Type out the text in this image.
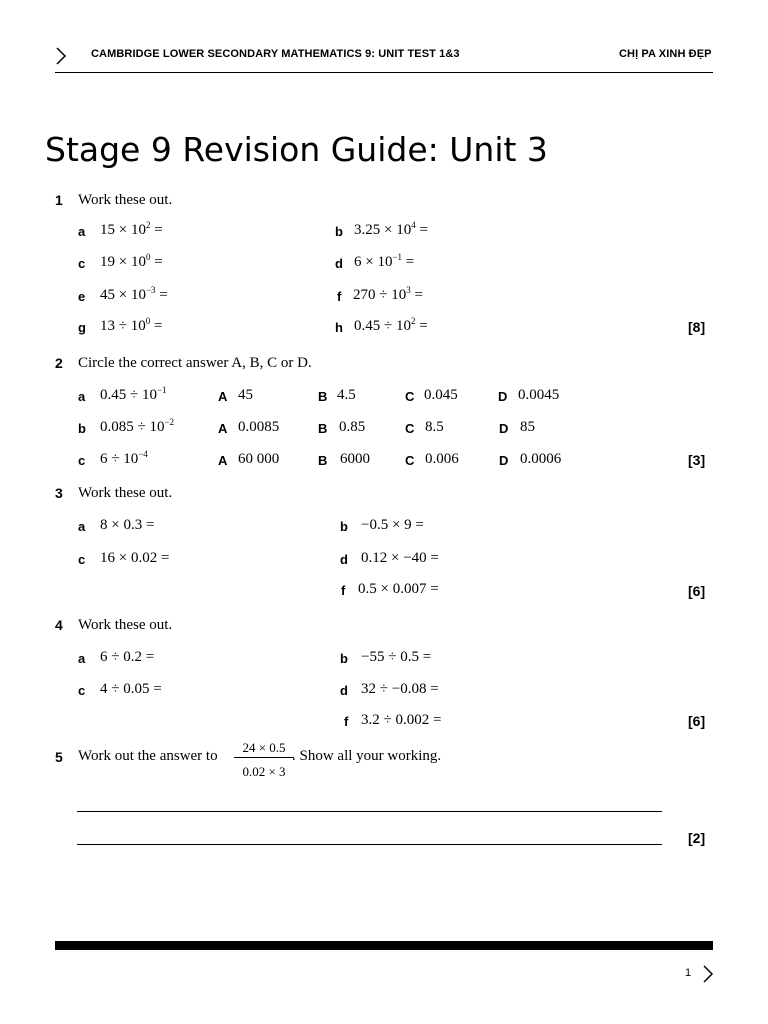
CAMBRIDGE LOWER SECONDARY MATHEMATICS 9: UNIT TEST 1&3	CHỊ PA XINH ĐẸP
Stage 9 Revision Guide: Unit 3
1 Work these out.
a $15 \times 10^2$ =	b $3.25 \times 10^4$ =
c $19 \times 10^0$ =	d $6 \times 10^{-1}$ =
e $45 \times 10^{-3}$ =	f $270 \div 10^3$ =
g $13 \div 10^0$ =	h $0.45 \div 10^2$ =	[8]
2 Circle the correct answer A, B, C or D.
a $0.45 \div 10^{-1}$	A 45	B 4.5	C 0.045	D 0.0045
b $0.085 \div 10^{-2}$	A 0.0085	B 0.85	C 8.5	D 85
c $6 \div 10^{-4}$	A 60 000	B 6000	C 0.006	D 0.0006	[3]
3 Work these out.
a 8 × 0.3 =	b −0.5 × 9 =
c 16 × 0.02 =	d 0.12 × −40 =
f 0.5 × 0.007 =	[6]
4 Work these out.
a 6 ÷ 0.2 =	b −55 ÷ 0.5 =
c 4 ÷ 0.05 =	d 32 ÷ −0.08 =
f 3.2 ÷ 0.002 =	[6]
5 Work out the answer to $\frac{24 \times 0.5}{0.02 \times 3}$
. Show all your working.
[2]
1
